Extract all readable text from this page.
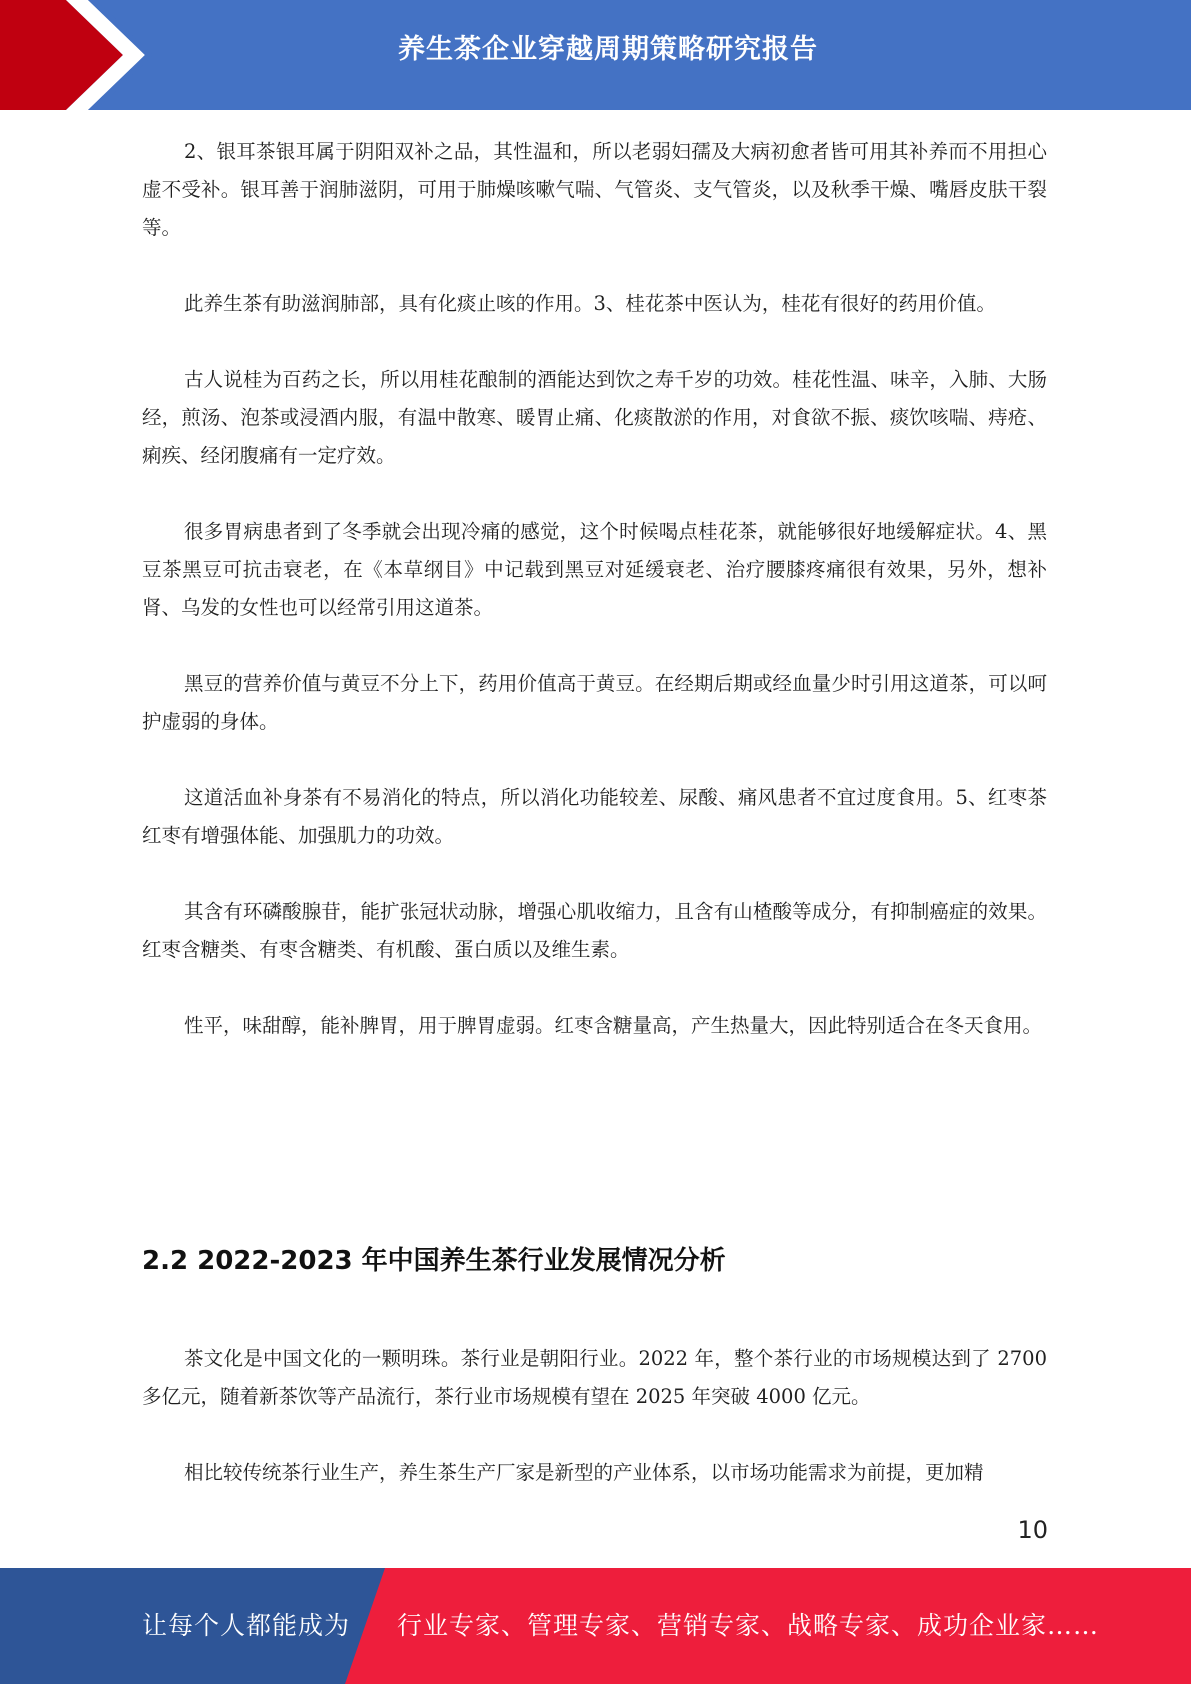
养生茶企业穿越周期策略研究报告

2、银耳茶银耳属于阴阳双补之品，其性温和，所以老弱妇孺及大病初愈者皆可用其补养而不用担心虚不受补。银耳善于润肺滋阴，可用于肺燥咳嗽气喘、气管炎、支气管炎，以及秋季干燥、嘴唇皮肤干裂等。

此养生茶有助滋润肺部，具有化痰止咳的作用。3、桂花茶中医认为，桂花有很好的药用价值。

古人说桂为百药之长，所以用桂花酿制的酒能达到饮之寿千岁的功效。桂花性温、味辛，入肺、大肠经，煎汤、泡茶或浸酒内服，有温中散寒、暖胃止痛、化痰散淤的作用，对食欲不振、痰饮咳喘、痔疮、痢疾、经闭腹痛有一定疗效。

很多胃病患者到了冬季就会出现冷痛的感觉，这个时候喝点桂花茶，就能够很好地缓解症状。4、黑豆茶黑豆可抗击衰老，在《本草纲目》中记载到黑豆对延缓衰老、治疗腰膝疼痛很有效果，另外，想补肾、乌发的女性也可以经常引用这道茶。

黑豆的营养价值与黄豆不分上下，药用价值高于黄豆。在经期后期或经血量少时引用这道茶，可以呵护虚弱的身体。

这道活血补身茶有不易消化的特点，所以消化功能较差、尿酸、痛风患者不宜过度食用。5、红枣茶红枣有增强体能、加强肌力的功效。

其含有环磷酸腺苷，能扩张冠状动脉，增强心肌收缩力，且含有山楂酸等成分，有抑制癌症的效果。红枣含糖类、有枣含糖类、有机酸、蛋白质以及维生素。

性平，味甜醇，能补脾胃，用于脾胃虚弱。红枣含糖量高，产生热量大，因此特别适合在冬天食用。

2.2 2022-2023 年中国养生茶行业发展情况分析

茶文化是中国文化的一颗明珠。茶行业是朝阳行业。2022 年，整个茶行业的市场规模达到了 2700 多亿元，随着新茶饮等产品流行，茶行业市场规模有望在 2025 年突破 4000 亿元。

相比较传统茶行业生产，养生茶生产厂家是新型的产业体系，以市场功能需求为前提，更加精

10
让每个人都能成为 行业专家、管理专家、营销专家、战略专家、成功企业家……
